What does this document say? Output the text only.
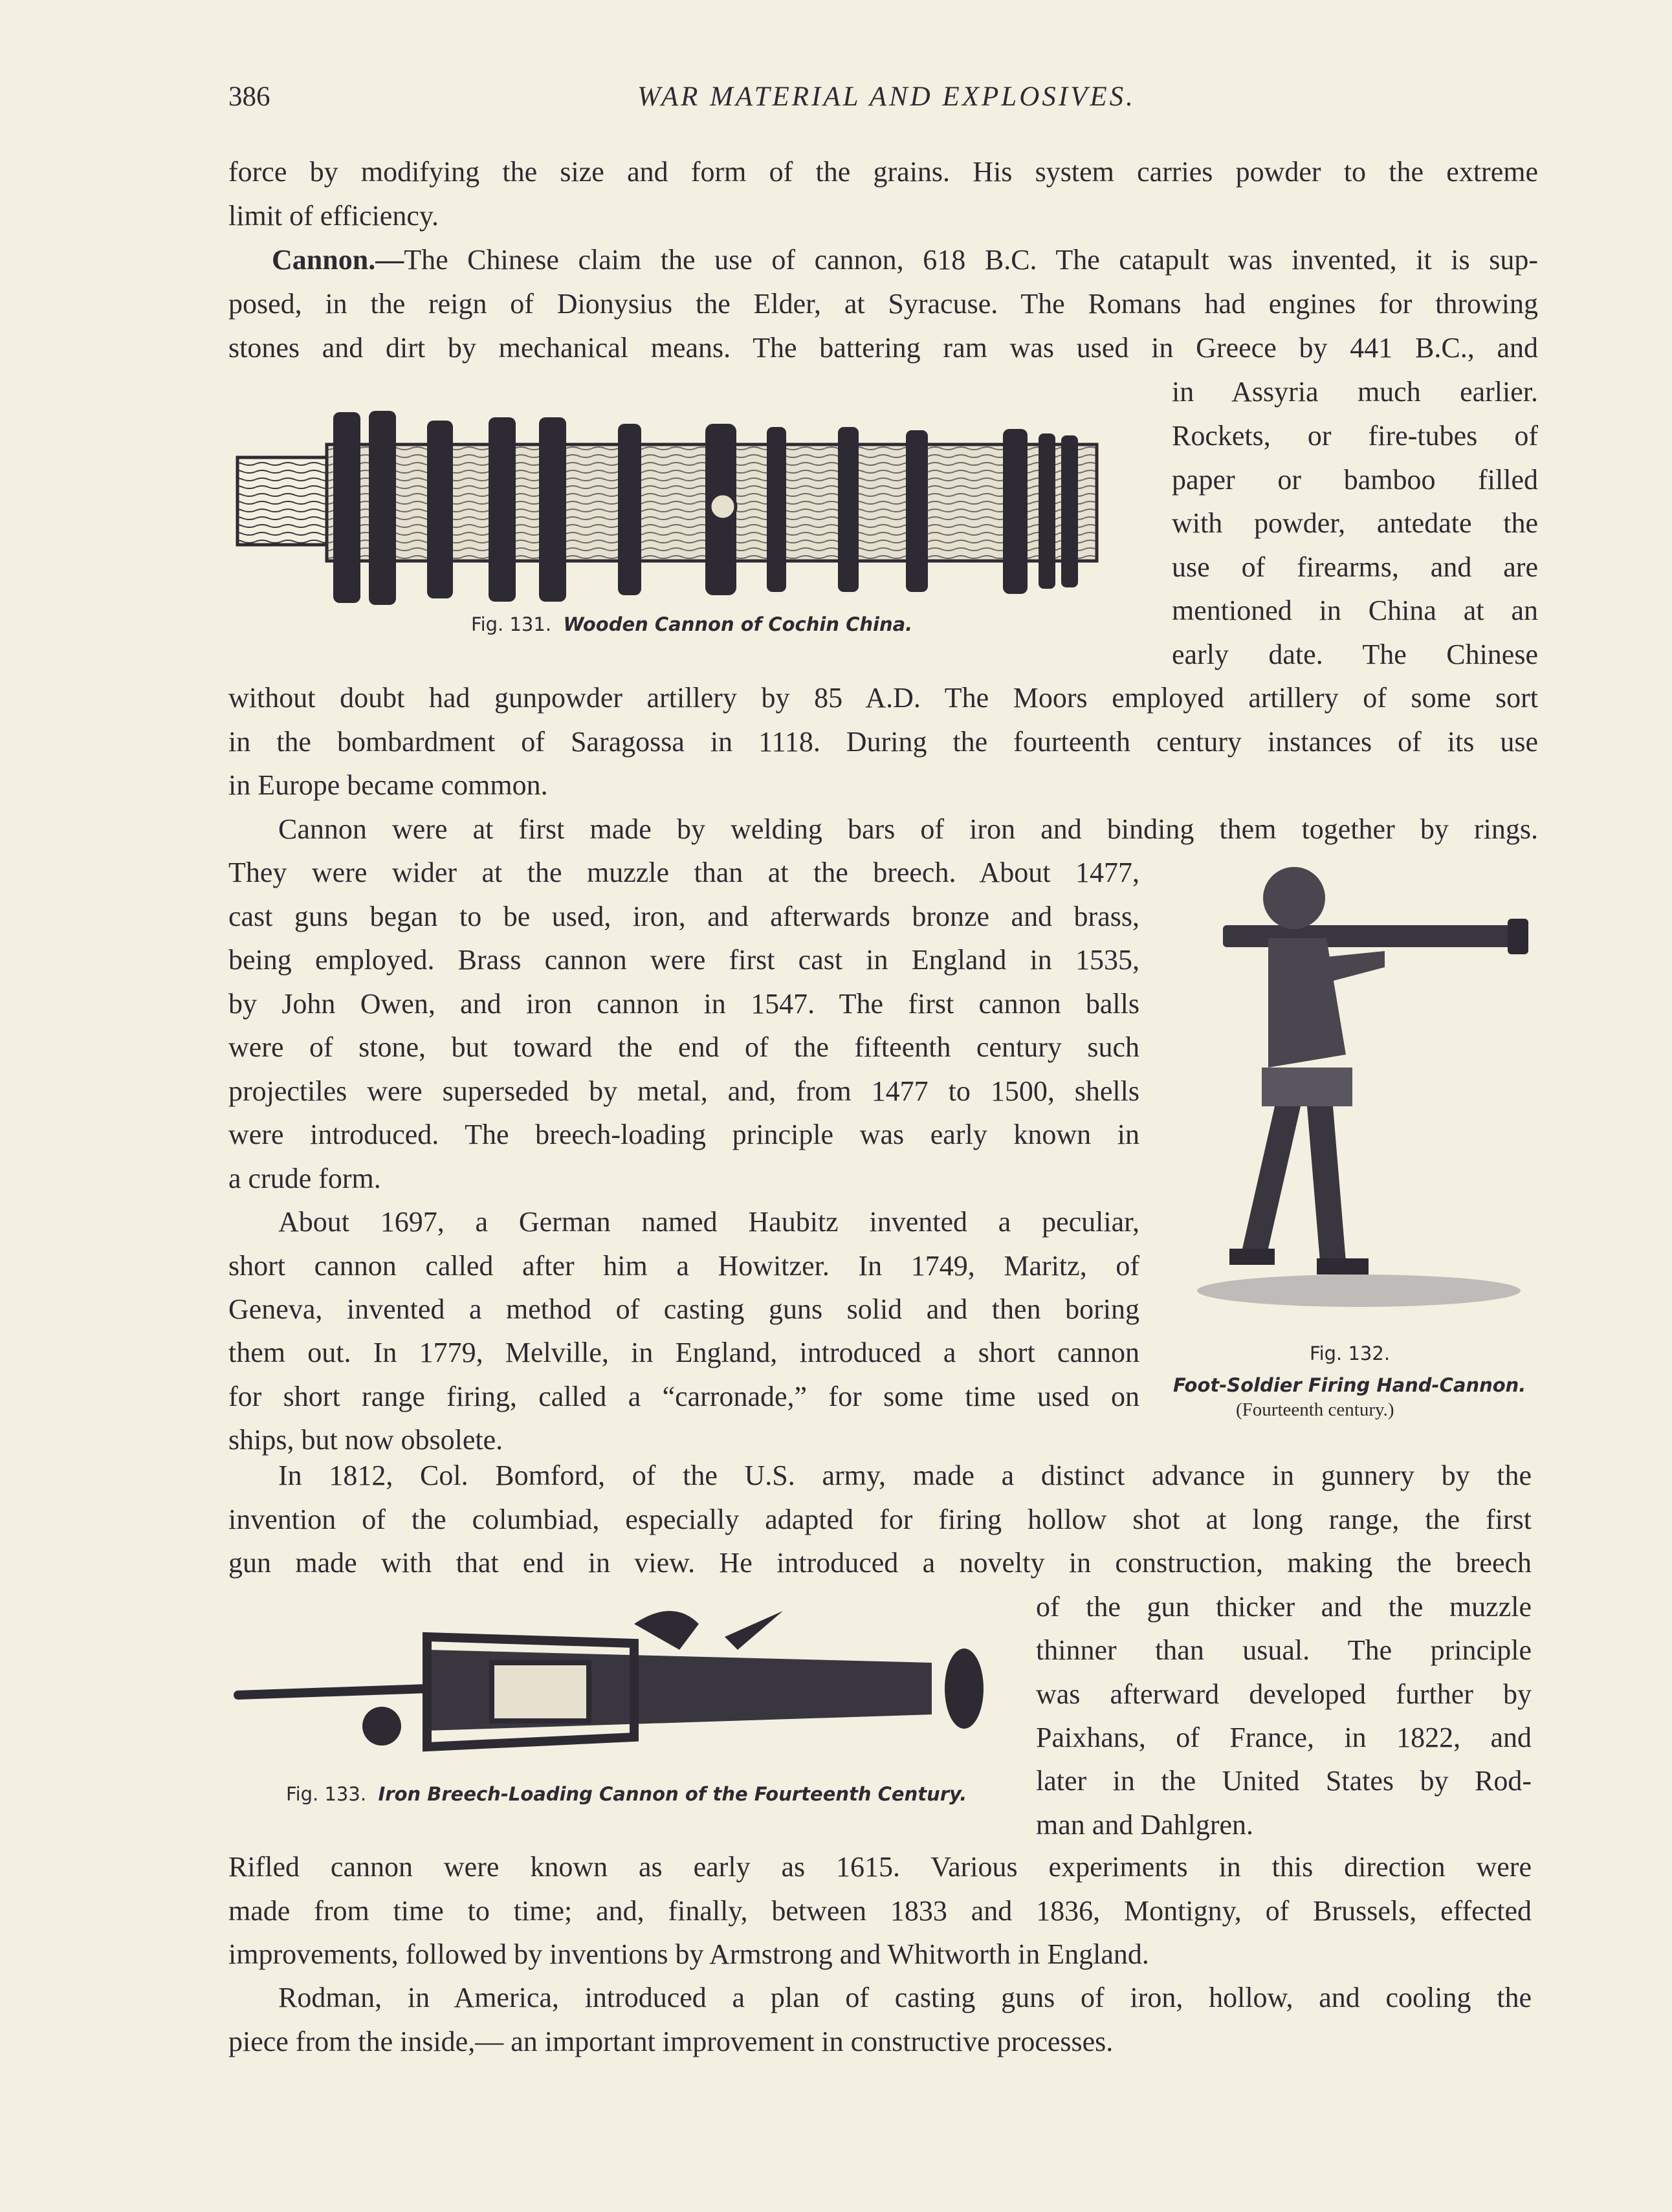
386	WAR MATERIAL AND EXPLOSIVES.
force by modifying the size and form of the grains. His system carries powder to the extreme
limit of efficiency.
Cannon.—The Chinese claim the use of cannon, 618 B.C. The catapult was invented, it is sup-
posed, in the reign of Dionysius the Elder, at Syracuse. The Romans had engines for throwing
stones and dirt by mechanical means. The battering ram was used in Greece by 441 B.C., and
in Assyria much earlier.
Rockets, or fire-tubes of
paper or bamboo filled
with powder, antedate the
use of firearms, and are
mentioned in China at an
early date. The Chinese
without doubt had gunpowder artillery by 85 A.D. The Moors employed artillery of some sort
in the bombardment of Saragossa in 1118. During the fourteenth century instances of its use
in Europe became common.
Cannon were at first made by welding bars of iron and binding them together by rings.
They were wider at the muzzle than at the breech. About 1477,
cast guns began to be used, iron, and afterwards bronze and brass,
being employed. Brass cannon were first cast in England in 1535,
by John Owen, and iron cannon in 1547. The first cannon balls
were of stone, but toward the end of the fifteenth century such
projectiles were superseded by metal, and, from 1477 to 1500, shells
were introduced. The breech-loading principle was early known in
a crude form.
About 1697, a German named Haubitz invented a peculiar,
short cannon called after him a Howitzer. In 1749, Maritz, of
Geneva, invented a method of casting guns solid and then boring
them out. In 1779, Melville, in England, introduced a short cannon
for short range firing, called a “carronade,” for some time used on
ships, but now obsolete.
In 1812, Col. Bomford, of the U.S. army, made a distinct advance in gunnery by the
invention of the columbiad, especially adapted for firing hollow shot at long range, the first
gun made with that end in view. He introduced a novelty in construction, making the breech
of the gun thicker and the muzzle
thinner than usual. The principle
was afterward developed further by
Paixhans, of France, in 1822, and
later in the United States by Rod-
man and Dahlgren.
Rifled cannon were known as early as 1615. Various experiments in this direction were
made from time to time; and, finally, between 1833 and 1836, Montigny, of Brussels, effected
improvements, followed by inventions by Armstrong and Whitworth in England.
Rodman, in America, introduced a plan of casting guns of iron, hollow, and cooling the
piece from the inside,— an important improvement in constructive processes.
Fig. 131. Wooden Cannon of Cochin China.
Fig. 132.
Foot-Soldier Firing Hand-Cannon.
(Fourteenth century.)
Fig. 133. Iron Breech-Loading Cannon of the Fourteenth Century.
